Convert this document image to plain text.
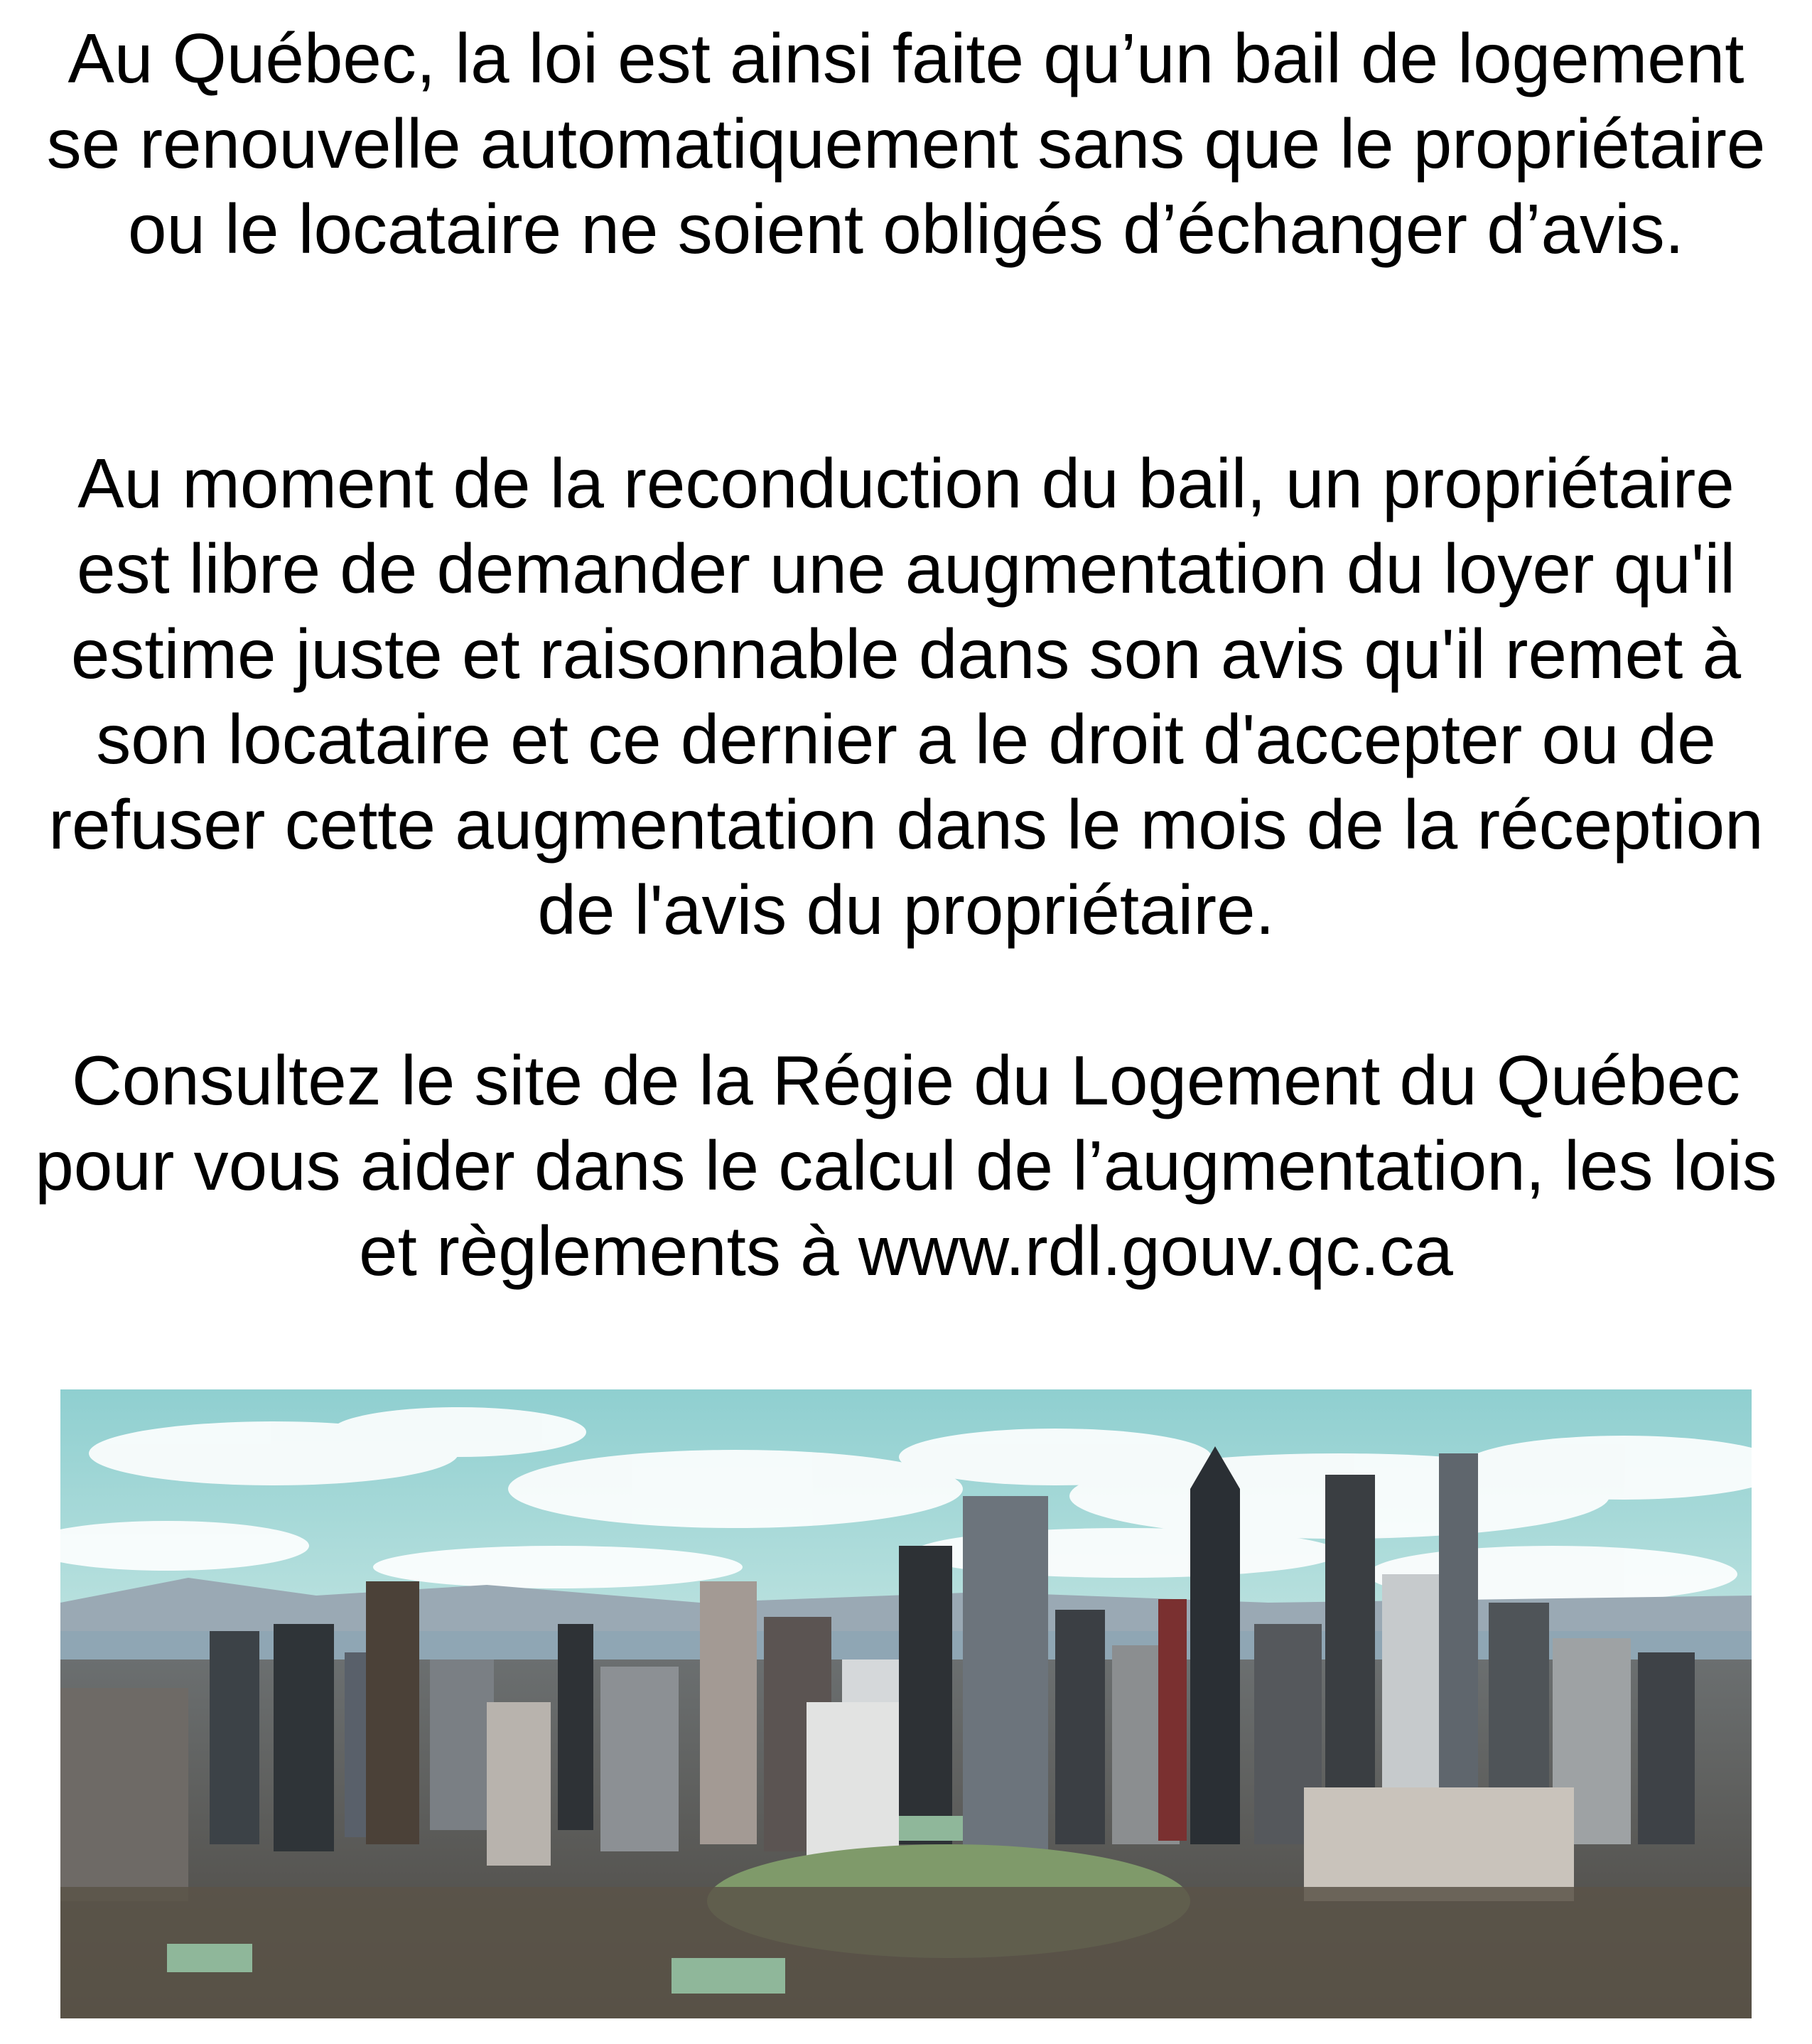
Au Québec, la loi est ainsi faite qu’un bail de logement se renouvelle automatiquement sans que le propriétaire ou le locataire ne soient obligés d’échanger d’avis.

Au moment de la reconduction du bail, un propriétaire est libre de demander une augmentation du loyer qu'il estime juste et raisonnable dans son avis qu'il remet à son locataire et ce dernier a le droit d'accepter ou de refuser cette augmentation dans le mois de la réception de l'avis du propriétaire.

Consultez le site de la Régie du Logement du Québec pour vous aider dans le calcul de l’augmentation, les lois et règlements à www.rdl.gouv.qc.ca
